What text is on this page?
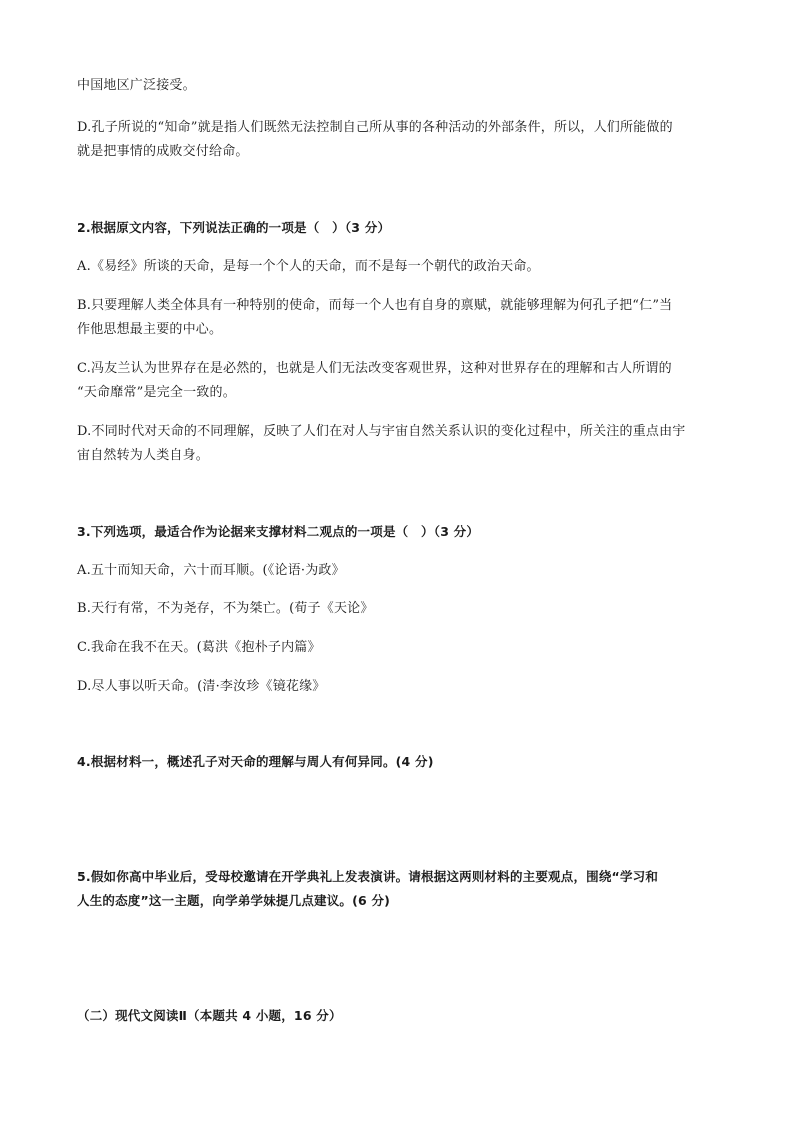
中国地区广泛接受。
D.孔子所说的“知命”就是指人们既然无法控制自己所从事的各种活动的外部条件，所以，人们所能做的
就是把事情的成败交付给命。
2.根据原文内容，下列说法正确的一项是（　）（3 分）
A.《易经》所谈的天命，是每一个个人的天命，而不是每一个朝代的政治天命。
B.只要理解人类全体具有一种特别的使命，而每一个人也有自身的禀赋，就能够理解为何孔子把“仁”当
作他思想最主要的中心。
C.冯友兰认为世界存在是必然的，也就是人们无法改变客观世界，这种对世界存在的理解和古人所谓的
“天命靡常”是完全一致的。
D.不同时代对天命的不同理解，反映了人们在对人与宇宙自然关系认识的变化过程中，所关注的重点由宇
宙自然转为人类自身。
3.下列选项，最适合作为论据来支撑材料二观点的一项是（　）（3 分）
A.五十而知天命，六十而耳顺。(《论语·为政》
B.天行有常，不为尧存，不为桀亡。(荀子《天论》
C.我命在我不在天。(葛洪《抱朴子内篇》
D.尽人事以听天命。(清·李汝珍《镜花缘》
4.根据材料一，概述孔子对天命的理解与周人有何异同。(4 分)
5.假如你高中毕业后，受母校邀请在开学典礼上发表演讲。请根据这两则材料的主要观点，围绕“学习和
人生的态度”这一主题，向学弟学妹提几点建议。(6 分)
（二）现代文阅读Ⅱ（本题共 4 小题，16 分）
